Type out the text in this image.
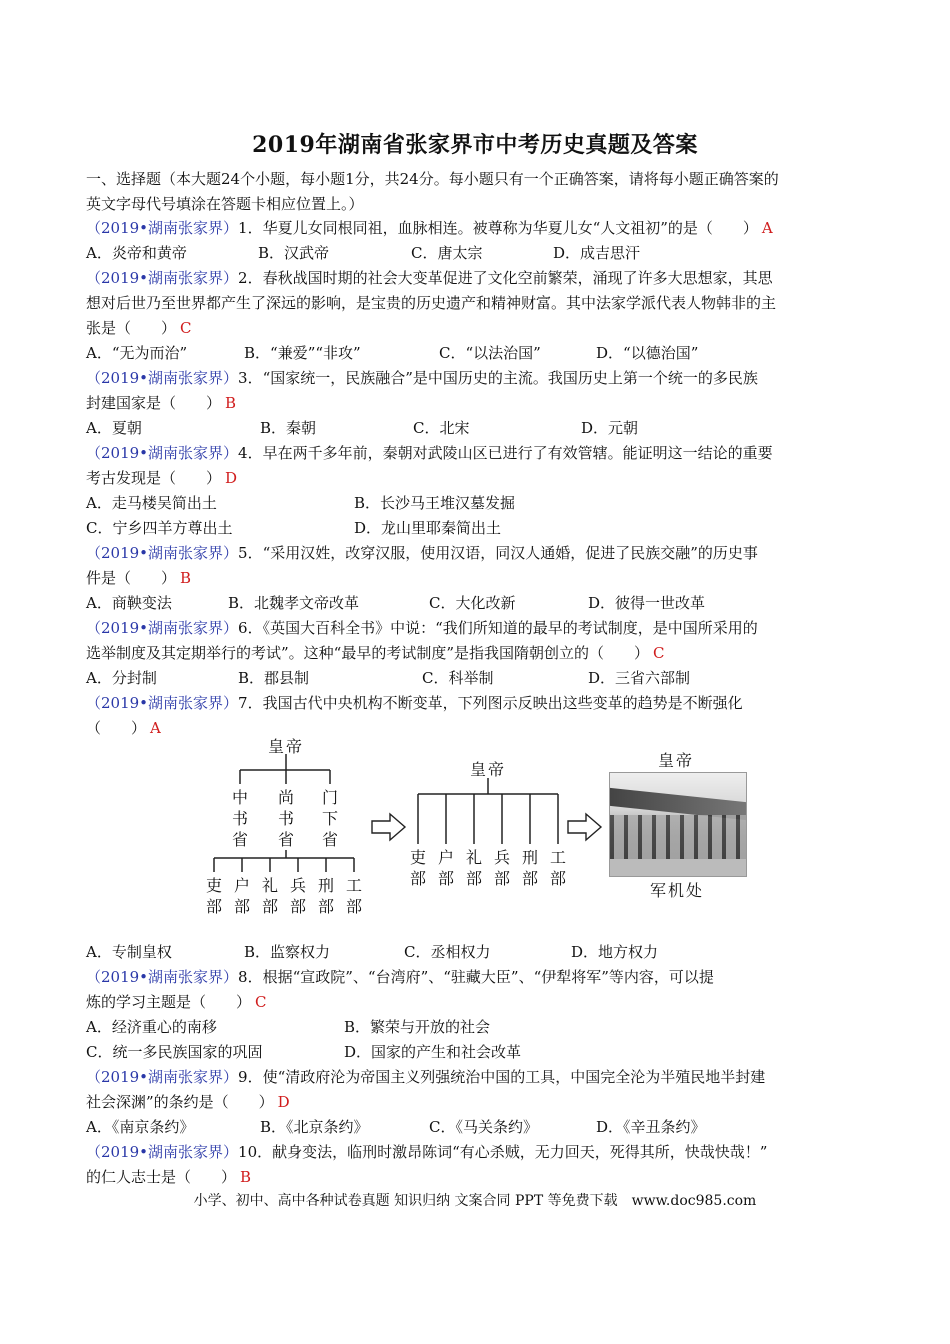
2019年湖南省张家界市中考历史真题及答案
一、选择题（本大题24个小题，每小题1分，共24分。每小题只有一个正确答案，请将每小题正确答案的
英文字母代号填涂在答题卡相应位置上。）
（2019•湖南张家界）1．华夏儿女同根同祖，血脉相连。被尊称为华夏儿女“人文祖初”的是（　　） A
A．炎帝和黄帝	B．汉武帝	C．唐太宗	D．成吉思汗
（2019•湖南张家界）2．春秋战国时期的社会大变革促进了文化空前繁荣，涌现了许多大思想家，其思
想对后世乃至世界都产生了深远的影响，是宝贵的历史遗产和精神财富。其中法家学派代表人物韩非的主
张是（　　） C
A．“无为而治”	B．“兼爱”“非攻”	C．“以法治国”	D．“以德治国”
（2019•湖南张家界）3．“国家统一，民族融合”是中国历史的主流。我国历史上第一个统一的多民族
封建国家是（　　） B
A．夏朝	B．秦朝	C．北宋	D．元朝
（2019•湖南张家界）4．早在两千多年前，秦朝对武陵山区已进行了有效管辖。能证明这一结论的重要
考古发现是（　　） D
A．走马楼吴简出土	B．长沙马王堆汉墓发掘
C．宁乡四羊方尊出土	D．龙山里耶秦简出土
（2019•湖南张家界）5．“采用汉姓，改穿汉服，使用汉语，同汉人通婚，促进了民族交融”的历史事
件是（　　） B
A．商鞅变法	B．北魏孝文帝改革	C．大化改新	D．彼得一世改革
（2019•湖南张家界）6．《英国大百科全书》中说：“我们所知道的最早的考试制度，是中国所采用的
选举制度及其定期举行的考试”。这种“最早的考试制度”是指我国隋朝创立的（　　） C
A．分封制	B．郡县制	C．科举制	D．三省六部制
（2019•湖南张家界）7．我国古代中央机构不断变革，下列图示反映出这些变革的趋势是不断强化
（　　） A
皇帝
中书省
尚书省
门下省
吏部
户部
礼部
兵部
刑部
工部
皇帝
吏部
户部
礼部
兵部
刑部
工部
皇帝
军机处
A．专制皇权	B．监察权力	C．丞相权力	D．地方权力
（2019•湖南张家界）8．根据“宣政院”、“台湾府”、“驻藏大臣”、“伊犁将军”等内容，可以提
炼的学习主题是（　　） C
A．经济重心的南移	B．繁荣与开放的社会
C．统一多民族国家的巩固	D．国家的产生和社会改革
（2019•湖南张家界）9．使“清政府沦为帝国主义列强统治中国的工具，中国完全沦为半殖民地半封建
社会深渊”的条约是（　　） D
A．《南京条约》	B．《北京条约》	C．《马关条约》	D．《辛丑条约》
（2019•湖南张家界）10．献身变法，临刑时激昂陈词“有心杀贼，无力回天，死得其所，快哉快哉！”
的仁人志士是（　　） B
小学、初中、高中各种试卷真题 知识归纳 文案合同 PPT 等免费下载　www.doc985.com
